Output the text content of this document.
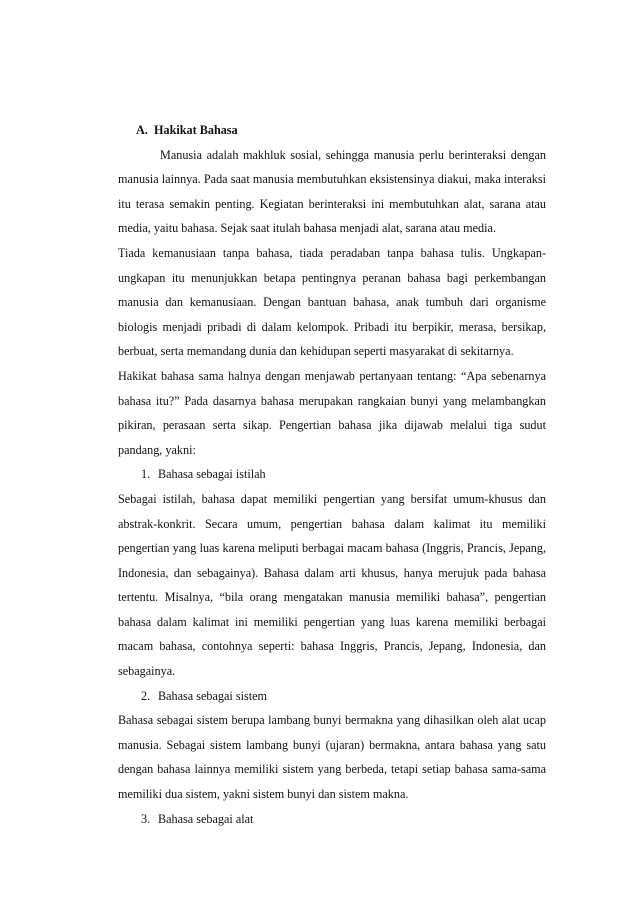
A. Hakikat Bahasa

Manusia adalah makhluk sosial, sehingga manusia perlu berinteraksi dengan manusia lainnya. Pada saat manusia membutuhkan eksistensinya diakui, maka interaksi itu terasa semakin penting. Kegiatan berinteraksi ini membutuhkan alat, sarana atau media, yaitu bahasa. Sejak saat itulah bahasa menjadi alat, sarana atau media.

Tiada kemanusiaan tanpa bahasa, tiada peradaban tanpa bahasa tulis. Ungkapan-ungkapan itu menunjukkan betapa pentingnya peranan bahasa bagi perkembangan manusia dan kemanusiaan. Dengan bantuan bahasa, anak tumbuh dari organisme biologis menjadi pribadi di dalam kelompok. Pribadi itu berpikir, merasa, bersikap, berbuat, serta memandang dunia dan kehidupan seperti masyarakat di sekitarnya.

Hakikat bahasa sama halnya dengan menjawab pertanyaan tentang: “Apa sebenarnya bahasa itu?” Pada dasarnya bahasa merupakan rangkaian bunyi yang melambangkan pikiran, perasaan serta sikap. Pengertian bahasa jika dijawab melalui tiga sudut pandang, yakni:

1. Bahasa sebagai istilah

Sebagai istilah, bahasa dapat memiliki pengertian yang bersifat umum-khusus dan abstrak-konkrit. Secara umum, pengertian bahasa dalam kalimat itu memiliki pengertian yang luas karena meliputi berbagai macam bahasa (Inggris, Prancis, Jepang, Indonesia, dan sebagainya). Bahasa dalam arti khusus, hanya merujuk pada bahasa tertentu. Misalnya, “bila orang mengatakan manusia memiliki bahasa”, pengertian bahasa dalam kalimat ini memiliki pengertian yang luas karena memiliki berbagai macam bahasa, contohnya seperti: bahasa Inggris, Prancis, Jepang, Indonesia, dan sebagainya.

2. Bahasa sebagai sistem

Bahasa sebagai sistem berupa lambang bunyi bermakna yang dihasilkan oleh alat ucap manusia. Sebagai sistem lambang bunyi (ujaran) bermakna, antara bahasa yang satu dengan bahasa lainnya memiliki sistem yang berbeda, tetapi setiap bahasa sama-sama memiliki dua sistem, yakni sistem bunyi dan sistem makna.

3. Bahasa sebagai alat
